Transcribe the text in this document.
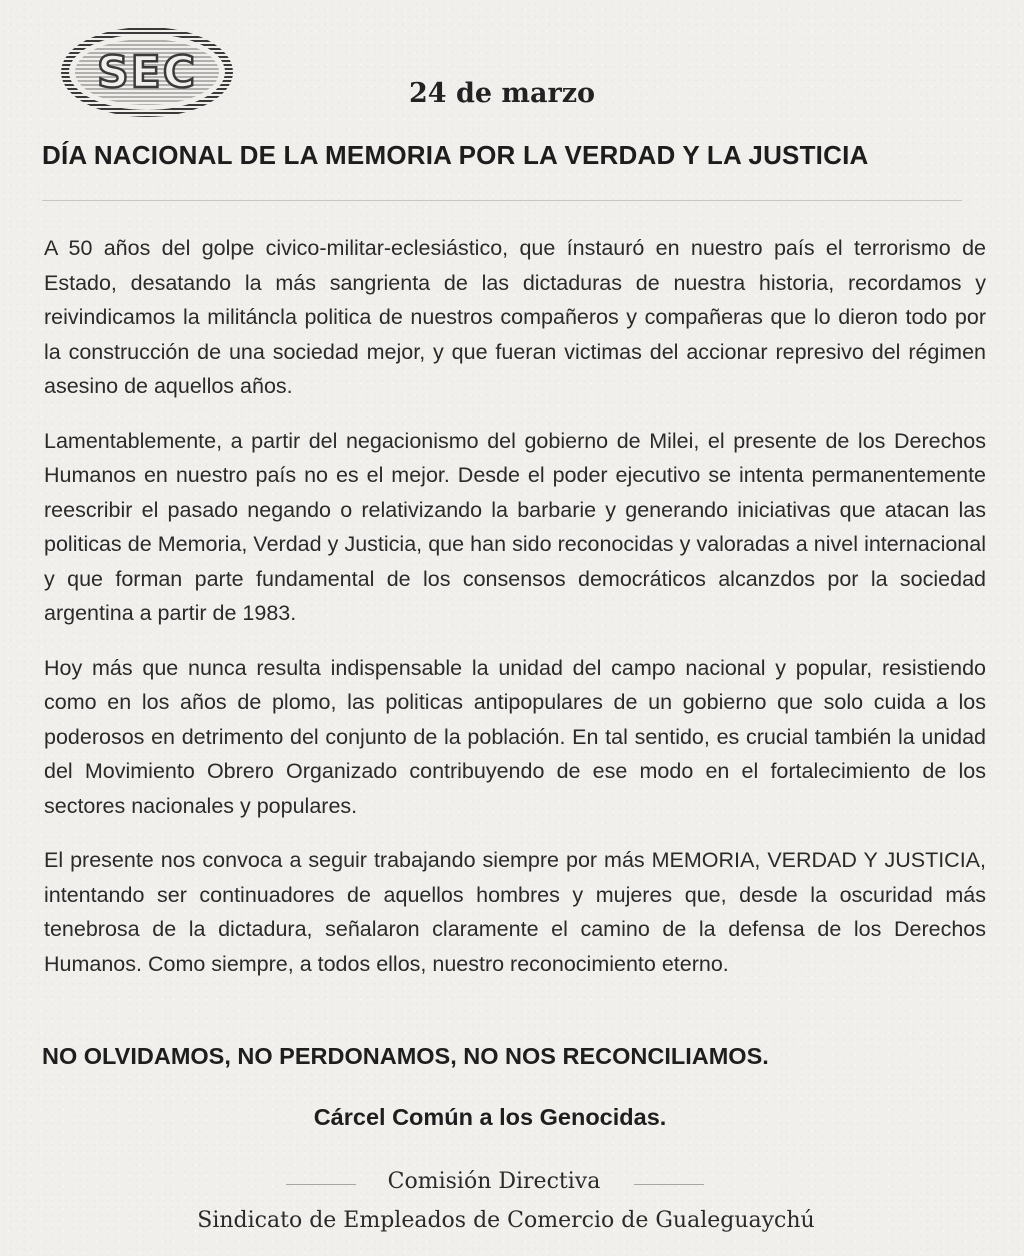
SEC	24 de marzo
DÍA NACIONAL DE LA MEMORIA POR LA VERDAD Y LA JUSTICIA

A 50 años del golpe civico-militar-eclesiástico, que ínstauró en nuestro país el terrorismo de Estado, desatando la más sangrienta de las dictaduras de nuestra historia, recordamos y reivindicamos la militáncla politica de nuestros compañeros y compañeras que lo dieron todo por la construcción de una sociedad mejor, y que fueran victimas del accionar represivo del régimen asesino de aquellos años.

Lamentablemente, a partir del negacionismo del gobierno de Milei, el presente de los Derechos Humanos en nuestro país no es el mejor. Desde el poder ejecutivo se intenta permanentemente reescribir el pasado negando o relativizando la barbarie y generando iniciativas que atacan las politicas de Memoria, Verdad y Justicia, que han sido reconocidas y valoradas a nivel internacional y que forman parte fundamental de los consensos democráticos alcanzdos por la sociedad argentina a partir de 1983.

Hoy más que nunca resulta indispensable la unidad del campo nacional y popular, resistiendo como en los años de plomo, las politicas antipopulares de un gobierno que solo cuida a los poderosos en detrimento del conjunto de la población. En tal sentido, es crucial también la unidad del Movimiento Obrero Organizado contribuyendo de ese modo en el fortalecimiento de los sectores nacionales y populares.

El presente nos convoca a seguir trabajando siempre por más MEMORIA, VERDAD Y JUSTICIA, intentando ser continuadores de aquellos hombres y mujeres que, desde la oscuridad más tenebrosa de la dictadura, señalaron claramente el camino de la defensa de los Derechos Humanos. Como siempre, a todos ellos, nuestro reconocimiento eterno.

NO OLVIDAMOS, NO PERDONAMOS, NO NOS RECONCILIAMOS.
Cárcel Común a los Genocidas.
Comisión Directiva
Sindicato de Empleados de Comercio de Gualeguaychú
